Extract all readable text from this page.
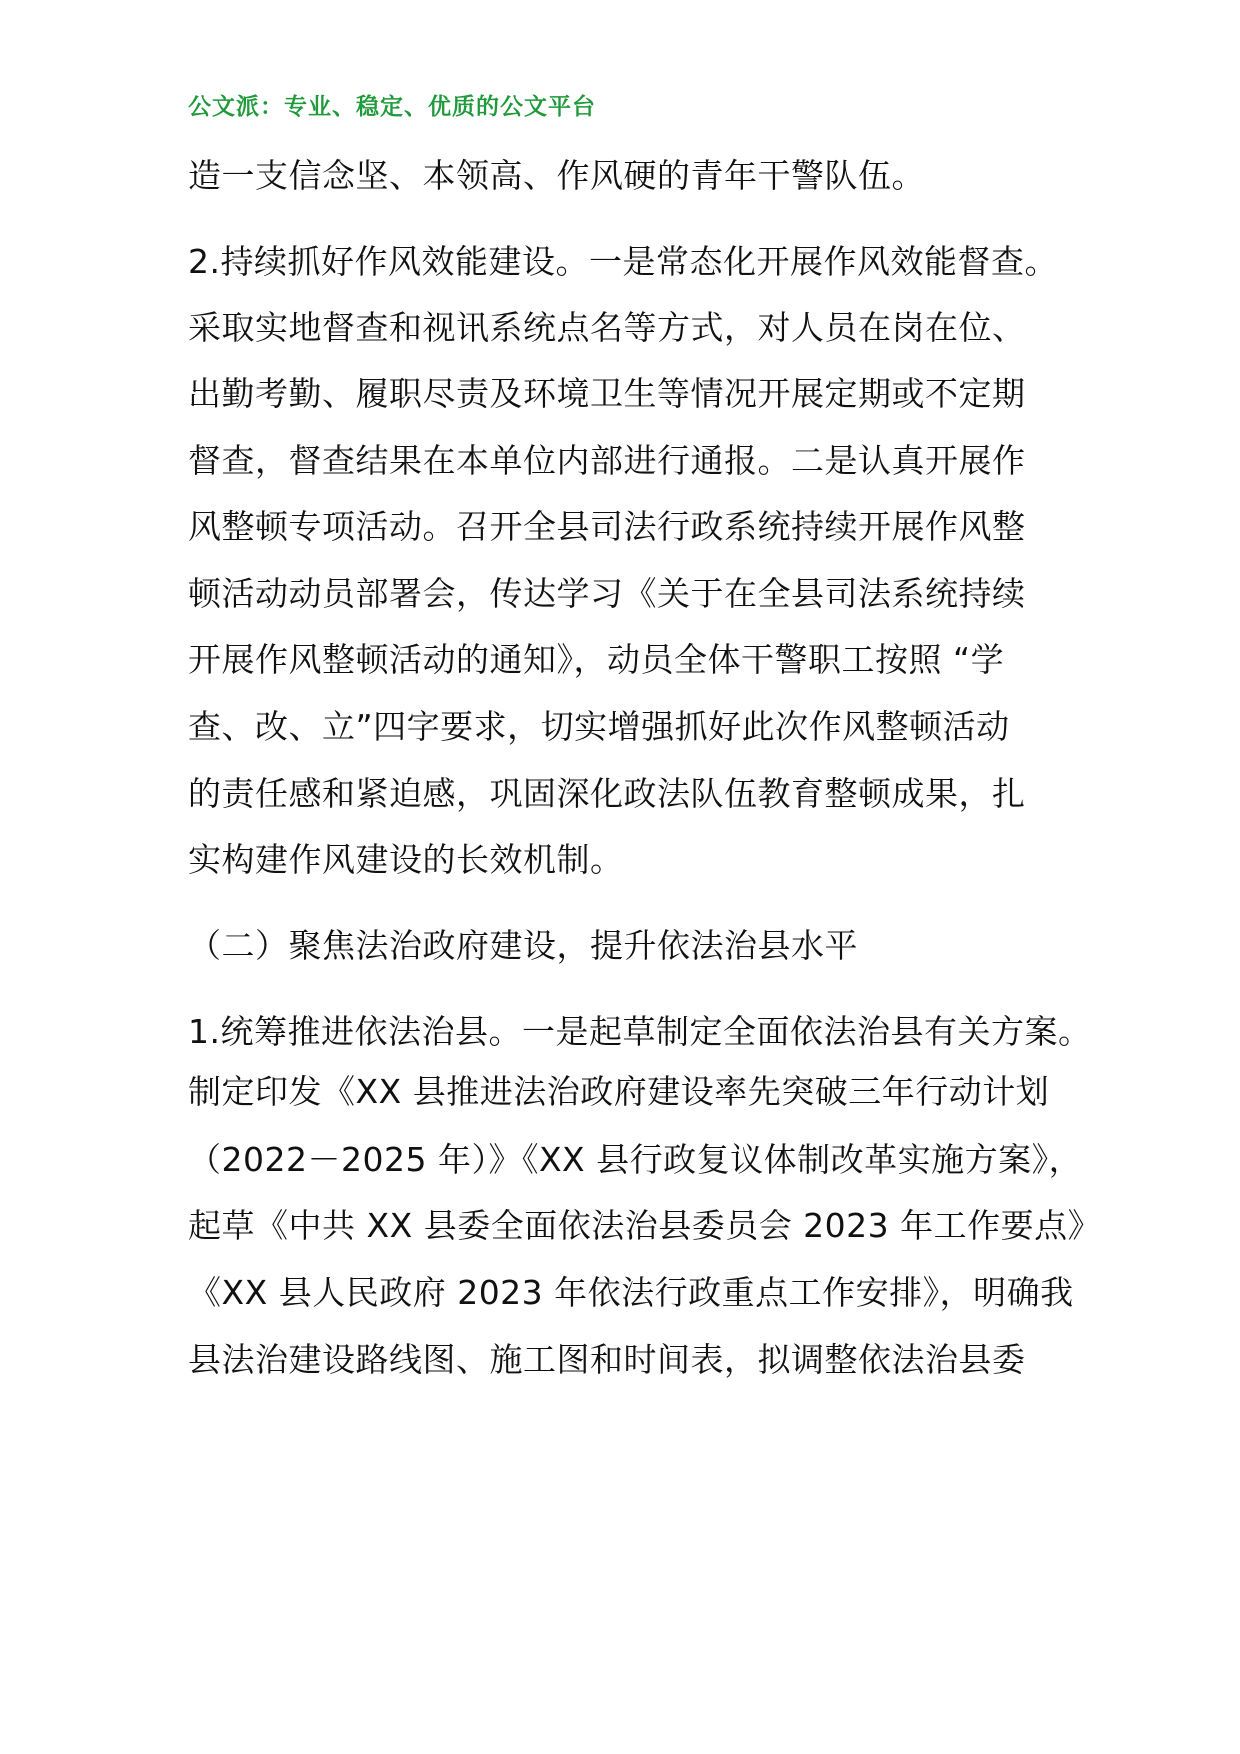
公文派：专业、稳定、优质的公文平台
造一支信念坚、本领高、作风硬的青年干警队伍。
2.持续抓好作风效能建设。一是常态化开展作风效能督查。
采取实地督查和视讯系统点名等方式，对人员在岗在位、
出勤考勤、履职尽责及环境卫生等情况开展定期或不定期
督查，督查结果在本单位内部进行通报。二是认真开展作
风整顿专项活动。召开全县司法行政系统持续开展作风整
顿活动动员部署会，传达学习《关于在全县司法系统持续
开展作风整顿活动的通知》，动员全体干警职工按照 “学
查、改、立”四字要求，切实增强抓好此次作风整顿活动
的责任感和紧迫感，巩固深化政法队伍教育整顿成果，扎
实构建作风建设的长效机制。
（二）聚焦法治政府建设，提升依法治县水平
1.统筹推进依法治县。一是起草制定全面依法治县有关方案。
制定印发《XX 县推进法治政府建设率先突破三年行动计划
（2022－2025 年）》《XX 县行政复议体制改革实施方案》，
起草《中共 XX 县委全面依法治县委员会 2023 年工作要点》
《XX 县人民政府 2023 年依法行政重点工作安排》，明确我
县法治建设路线图、施工图和时间表，拟调整依法治县委
